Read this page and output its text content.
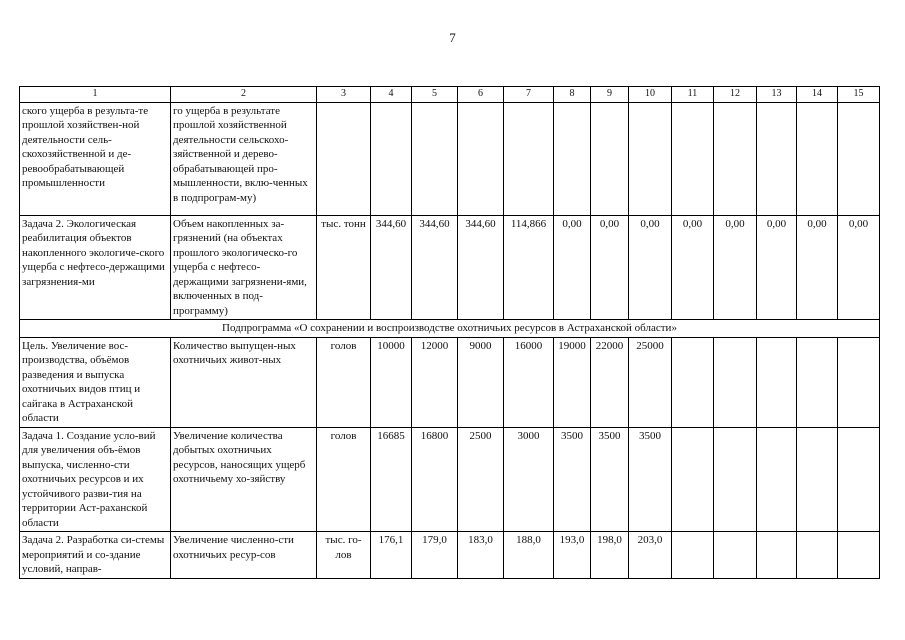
7
1	2	3	4	5	6	7	8	9	10	11	12	13	14	15
ского ущерба в результа-те прошлой хозяйствен-ной деятельности сель-скохозяйственной и де-ревообрабатывающей промышленности	го ущерба в результате прошлой хозяйственной деятельности сельскохо-зяйственной и дерево-обрабатывающей про-мышленности, вклю-ченных в подпрограм-му)													
Задача 2. Экологическая реабилитация объектов накопленного экологиче-ского ущерба с нефтесо-держащими загрязнения-ми	Объем накопленных за-грязнений (на объектах прошлого экологическо-го ущерба с нефтесо-держащими загрязнени-ями, включенных в под-программу)	тыс. тонн	344,60	344,60	344,60	114,866	0,00	0,00	0,00	0,00	0,00	0,00	0,00	0,00
Подпрограмма «О сохранении и воспроизводстве охотничьих ресурсов в Астраханской области»														
Цель. Увеличение вос-производства, объёмов разведения и выпуска охотничьих видов птиц и сайгака в Астраханской области	Количество выпущен-ных охотничьих живот-ных	голов	10000	12000	9000	16000	19000	22000	25000					
Задача 1. Создание усло-вий для увеличения объ-ёмов выпуска, численно-сти охотничьих ресурсов и их устойчивого разви-тия на территории Аст-раханской области	Увеличение количества добытых охотничьих ресурсов, наносящих ущерб охотничьему хо-зяйству	голов	16685	16800	2500	3000	3500	3500	3500					
Задача 2. Разработка си-стемы мероприятий и со-здание условий, направ-	Увеличение численно-сти охотничьих ресур-сов	тыс. го-лов	176,1	179,0	183,0	188,0	193,0	198,0	203,0					
